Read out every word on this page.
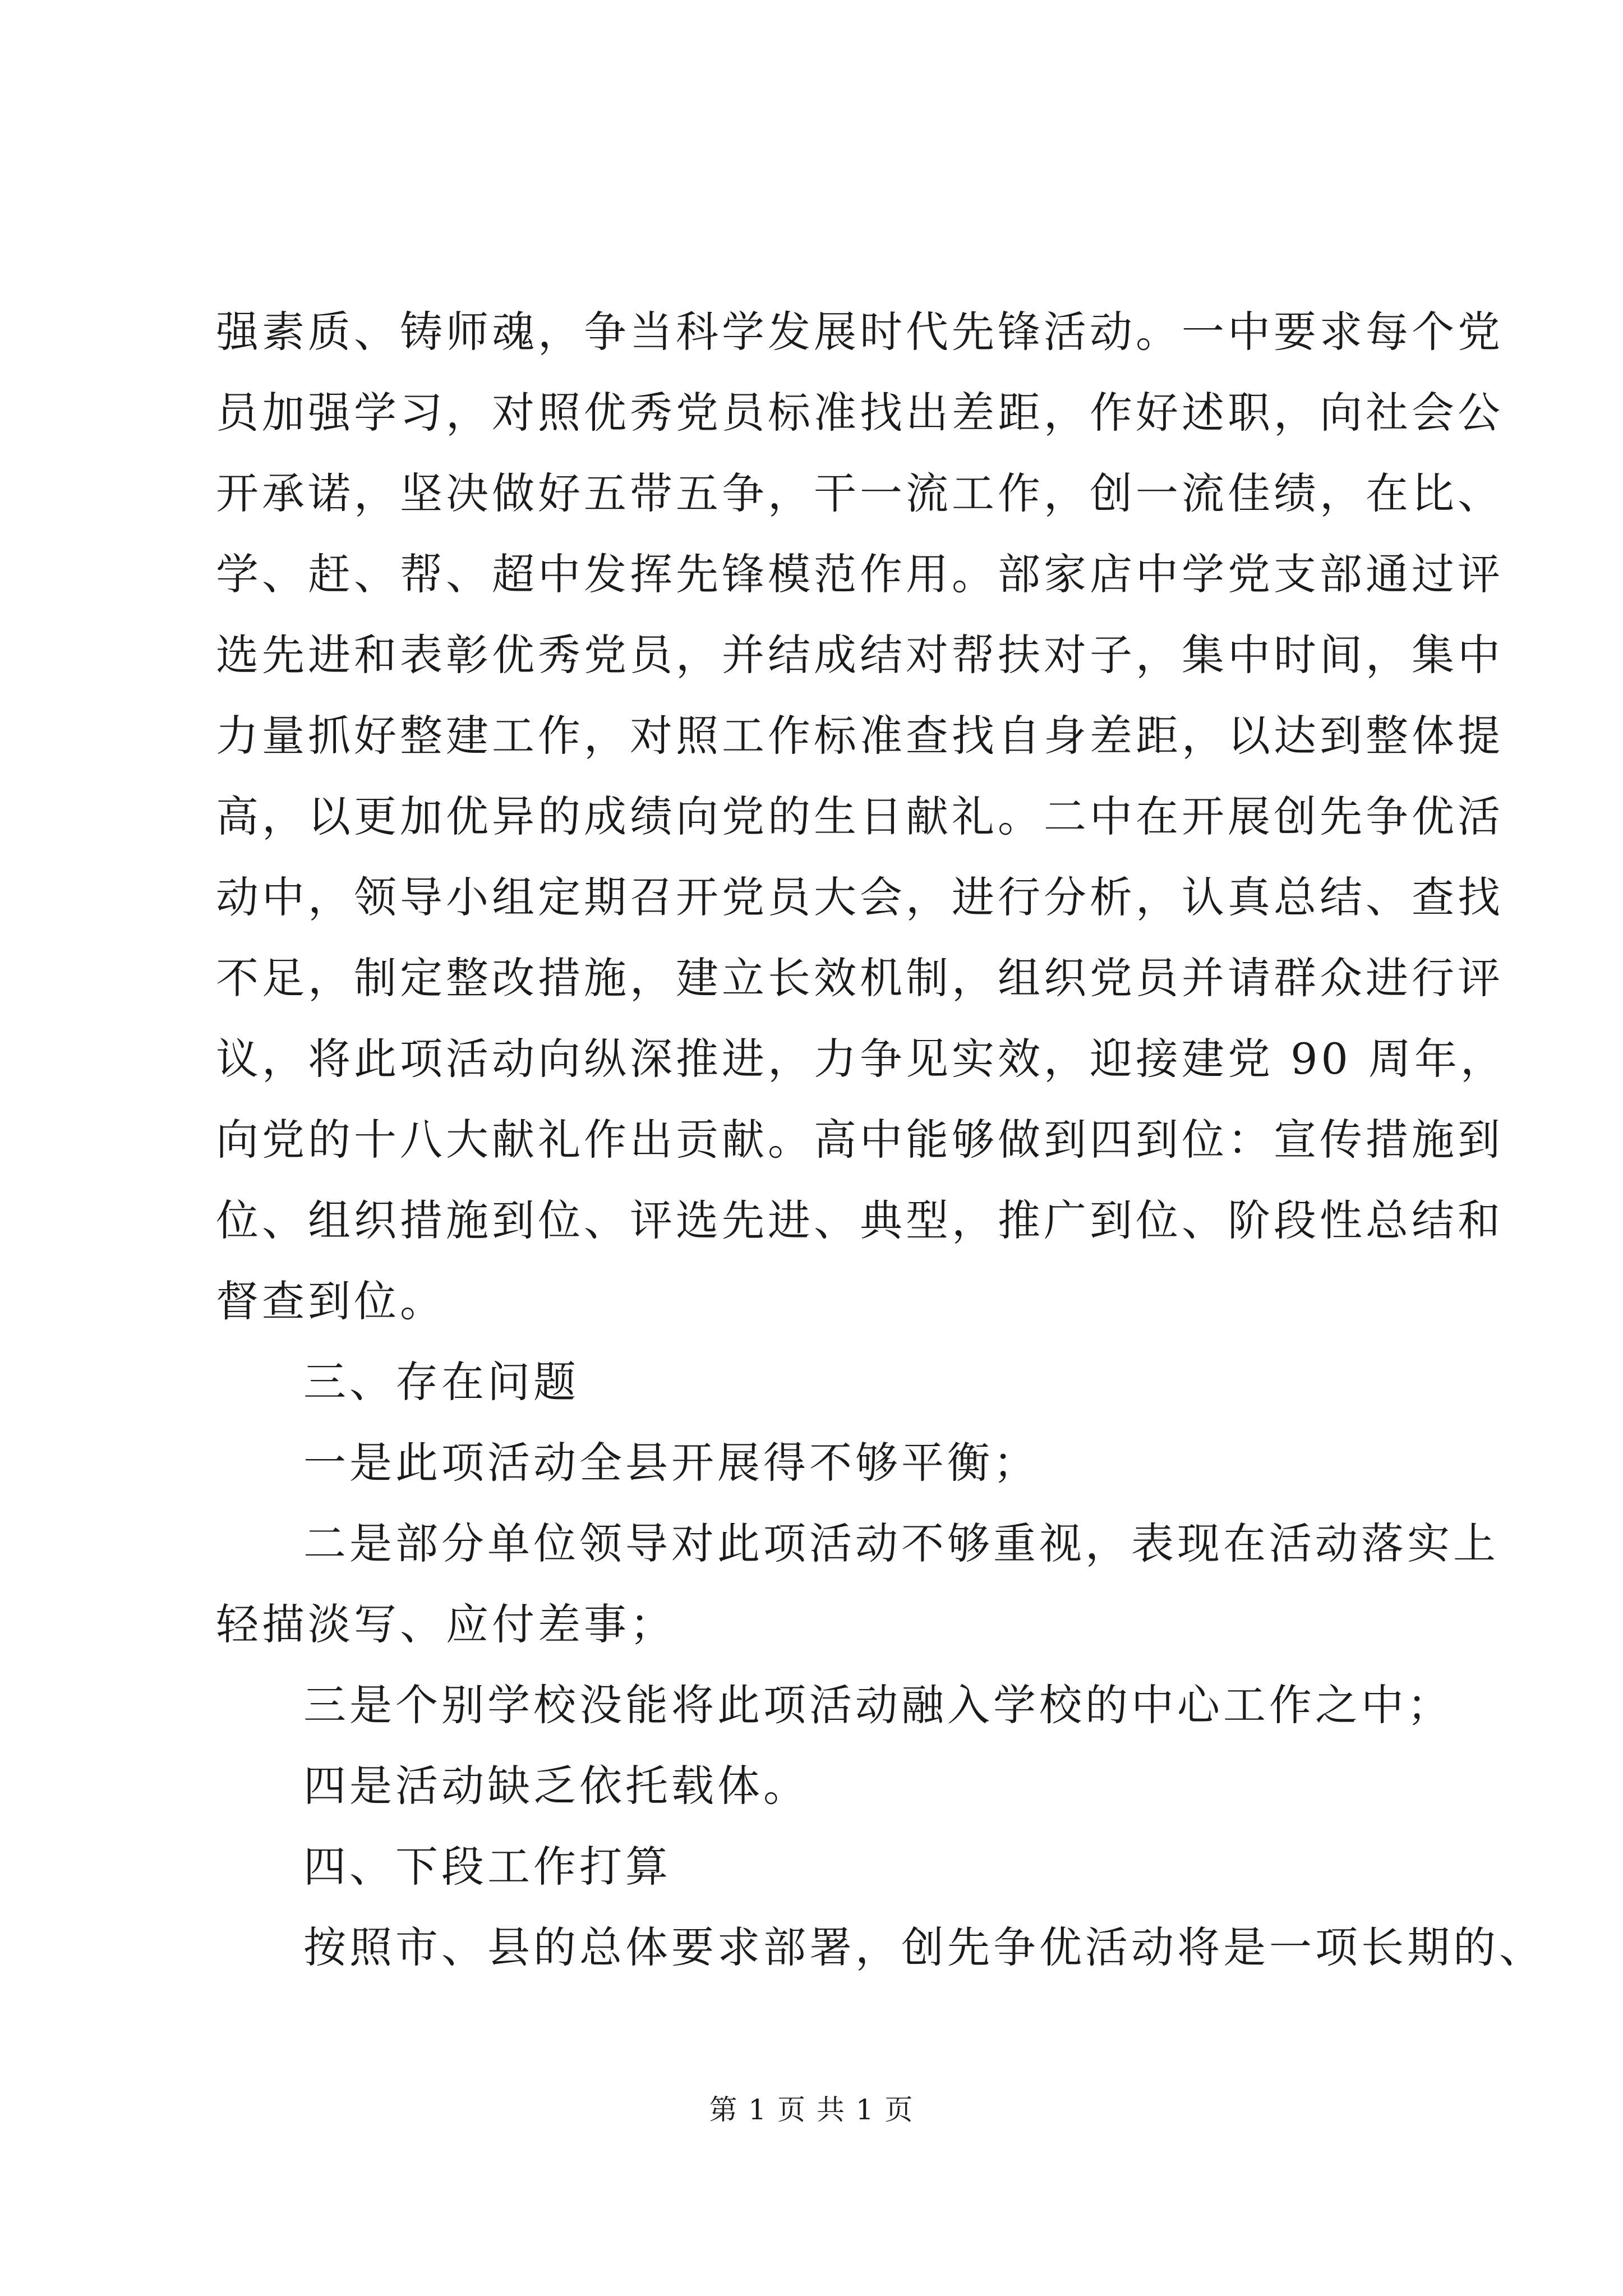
强素质、铸师魂，争当科学发展时代先锋活动。一中要求每个党
员加强学习，对照优秀党员标准找出差距，作好述职，向社会公
开承诺，坚决做好五带五争，干一流工作，创一流佳绩，在比、
学、赶、帮、超中发挥先锋模范作用。部家店中学党支部通过评
选先进和表彰优秀党员，并结成结对帮扶对子，集中时间，集中
力量抓好整建工作，对照工作标准查找自身差距，以达到整体提
高，以更加优异的成绩向党的生日献礼。二中在开展创先争优活
动中，领导小组定期召开党员大会，进行分析，认真总结、查找
不足，制定整改措施，建立长效机制，组织党员并请群众进行评
议，将此项活动向纵深推进，力争见实效，迎接建党 90 周年，
向党的十八大献礼作出贡献。高中能够做到四到位：宣传措施到
位、组织措施到位、评选先进、典型，推广到位、阶段性总结和
督查到位。
三、存在问题
一是此项活动全县开展得不够平衡；
二是部分单位领导对此项活动不够重视，表现在活动落实上
轻描淡写、应付差事；
三是个别学校没能将此项活动融入学校的中心工作之中；
四是活动缺乏依托载体。
四、下段工作打算
按照市、县的总体要求部署，创先争优活动将是一项长期的、
第 1 页 共 1 页
